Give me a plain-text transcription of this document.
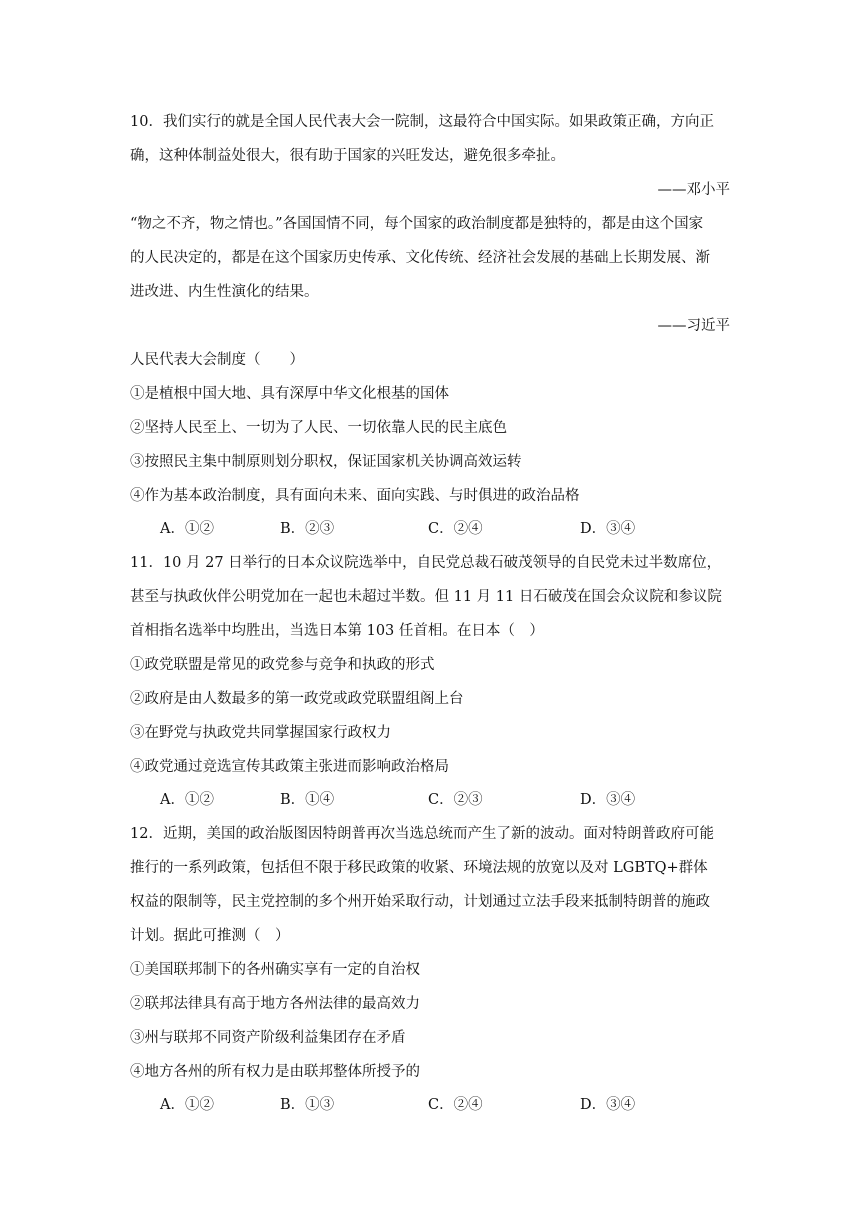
10．我们实行的就是全国人民代表大会一院制，这最符合中国实际。如果政策正确，方向正
确，这种体制益处很大，很有助于国家的兴旺发达，避免很多牵扯。
——邓小平
“物之不齐，物之情也。”各国国情不同，每个国家的政治制度都是独特的，都是由这个国家
的人民决定的，都是在这个国家历史传承、文化传统、经济社会发展的基础上长期发展、渐
进改进、内生性演化的结果。
——习近平
人民代表大会制度（　　）
①是植根中国大地、具有深厚中华文化根基的国体
②坚持人民至上、一切为了人民、一切依靠人民的民主底色
③按照民主集中制原则划分职权，保证国家机关协调高效运转
④作为基本政治制度，具有面向未来、面向实践、与时俱进的政治品格
A．①②	B．②③	C．②④	D．③④
11．10 月 27 日举行的日本众议院选举中，自民党总裁石破茂领导的自民党未过半数席位，
甚至与执政伙伴公明党加在一起也未超过半数。但 11 月 11 日石破茂在国会众议院和参议院
首相指名选举中均胜出，当选日本第 103 任首相。在日本（　）
①政党联盟是常见的政党参与竞争和执政的形式
②政府是由人数最多的第一政党或政党联盟组阁上台
③在野党与执政党共同掌握国家行政权力
④政党通过竞选宣传其政策主张进而影响政治格局
A．①②	B．①④	C．②③	D．③④
12．近期，美国的政治版图因特朗普再次当选总统而产生了新的波动。面对特朗普政府可能
推行的一系列政策，包括但不限于移民政策的收紧、环境法规的放宽以及对 LGBTQ+群体
权益的限制等，民主党控制的多个州开始采取行动，计划通过立法手段来抵制特朗普的施政
计划。据此可推测（　）
①美国联邦制下的各州确实享有一定的自治权
②联邦法律具有高于地方各州法律的最高效力
③州与联邦不同资产阶级利益集团存在矛盾
④地方各州的所有权力是由联邦整体所授予的
A．①②	B．①③	C．②④	D．③④
